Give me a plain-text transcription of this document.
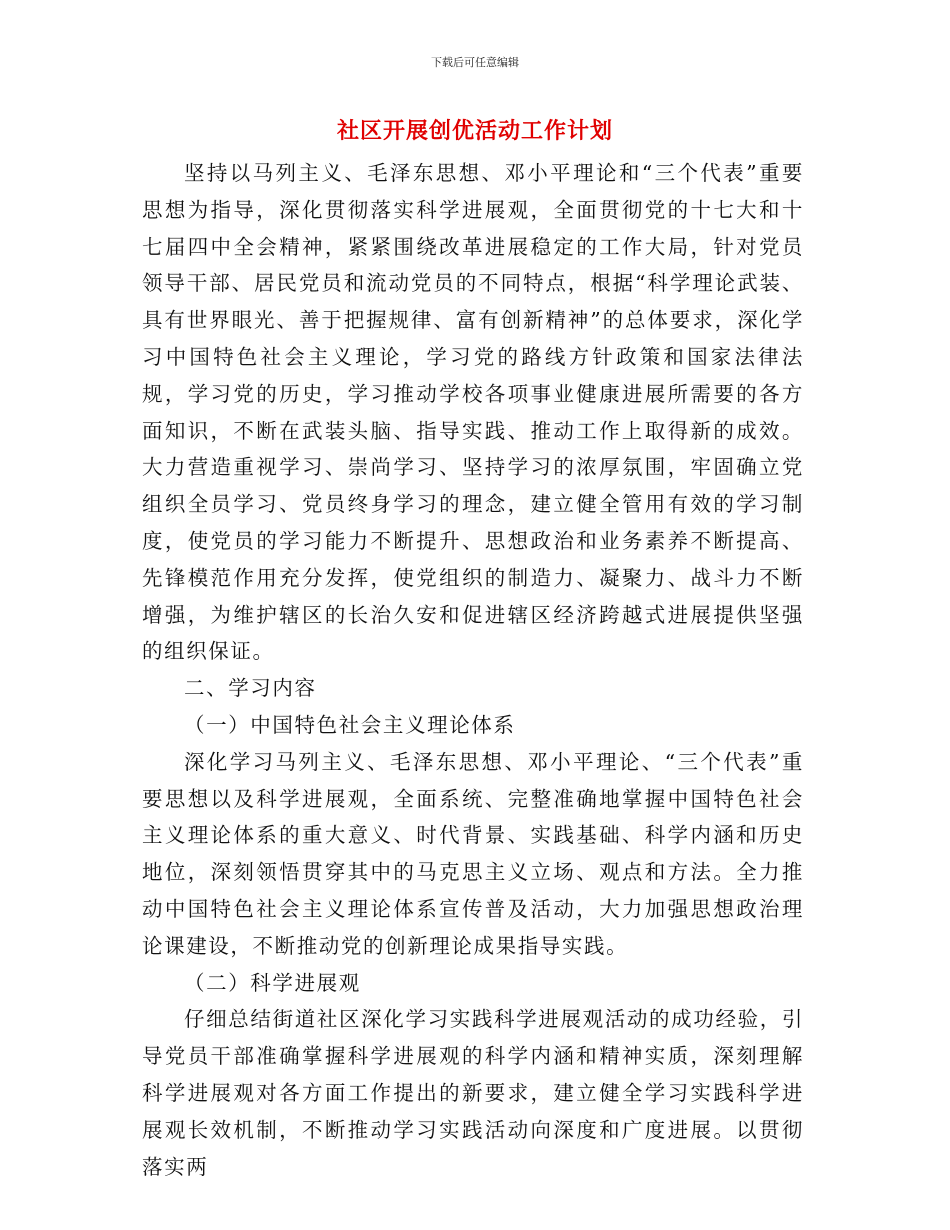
下载后可任意编辑
社区开展创优活动工作计划

坚持以马列主义、毛泽东思想、邓小平理论和“三个代表”重要思想为指导，深化贯彻落实科学进展观，全面贯彻党的十七大和十七届四中全会精神，紧紧围绕改革进展稳定的工作大局，针对党员领导干部、居民党员和流动党员的不同特点，根据“科学理论武装、具有世界眼光、善于把握规律、富有创新精神”的总体要求，深化学习中国特色社会主义理论，学习党的路线方针政策和国家法律法规，学习党的历史，学习推动学校各项事业健康进展所需要的各方面知识，不断在武装头脑、指导实践、推动工作上取得新的成效。大力营造重视学习、崇尚学习、坚持学习的浓厚氛围，牢固确立党组织全员学习、党员终身学习的理念，建立健全管用有效的学习制度，使党员的学习能力不断提升、思想政治和业务素养不断提高、先锋模范作用充分发挥，使党组织的制造力、凝聚力、战斗力不断增强，为维护辖区的长治久安和促进辖区经济跨越式进展提供坚强的组织保证。

二、学习内容

（一）中国特色社会主义理论体系

深化学习马列主义、毛泽东思想、邓小平理论、“三个代表”重要思想以及科学进展观，全面系统、完整准确地掌握中国特色社会主义理论体系的重大意义、时代背景、实践基础、科学内涵和历史地位，深刻领悟贯穿其中的马克思主义立场、观点和方法。全力推动中国特色社会主义理论体系宣传普及活动，大力加强思想政治理论课建设，不断推动党的创新理论成果指导实践。

（二）科学进展观

仔细总结街道社区深化学习实践科学进展观活动的成功经验，引导党员干部准确掌握科学进展观的科学内涵和精神实质，深刻理解科学进展观对各方面工作提出的新要求，建立健全学习实践科学进展观长效机制，不断推动学习实践活动向深度和广度进展。以贯彻落实两
